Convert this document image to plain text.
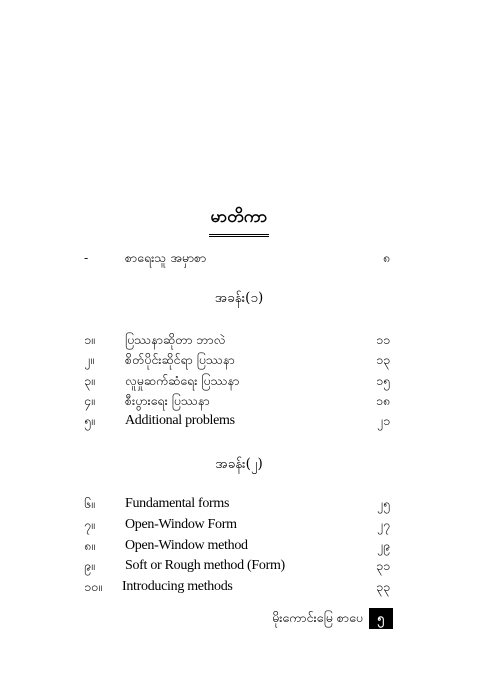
မာတိကာ
-	စာရေးသူ အမှာစာ	၈
အခန်း(၁)
၁။ ပြဿနာဆိုတာ ဘာလဲ	၁၁
၂။ စိတ်ပိုင်းဆိုင်ရာ ပြဿနာ	၁၃
၃။ လူမှုဆက်ဆံရေး ပြဿနာ	၁၅
၄။ စီးပွားရေး ပြဿနာ	၁၈
၅။ Additional problems	၂၁
အခန်း(၂)
၆။ Fundamental forms	၂၅
၇။ Open-Window Form	၂၇
၈။ Open-Window method	၂၉
၉။ Soft or Rough method (Form)	၃၁
၁၀။ Introducing methods	၃၃
မိုးကောင်းမြေ စာပေ	၅
